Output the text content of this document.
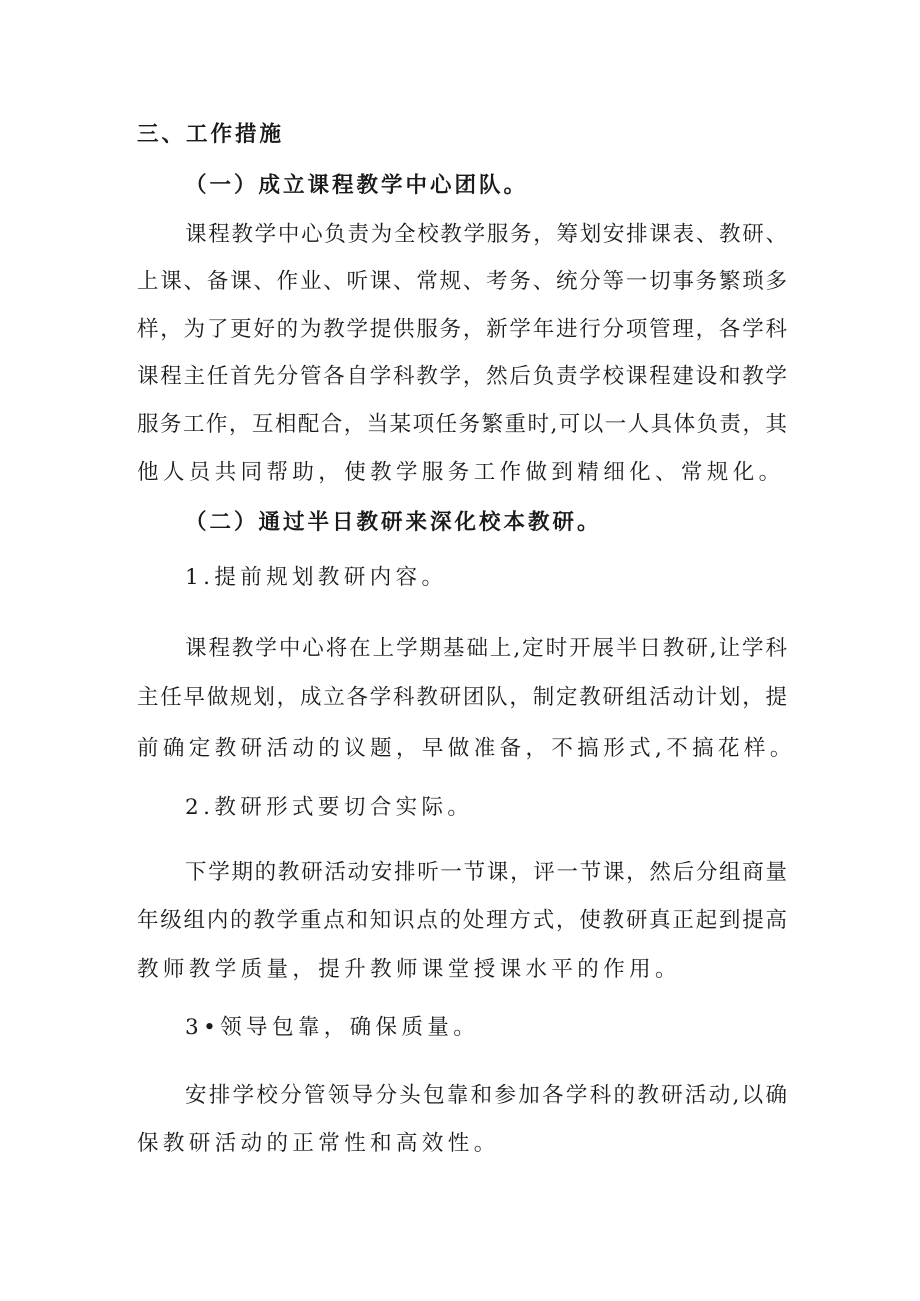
三、工作措施
（一）成立课程教学中心团队。
课程教学中心负责为全校教学服务，筹划安排课表、教研、
上课、备课、作业、听课、常规、考务、统分等一切事务繁琐多
样，为了更好的为教学提供服务，新学年进行分项管理，各学科
课程主任首先分管各自学科教学，然后负责学校课程建设和教学
服务工作，互相配合，当某项任务繁重时,可以一人具体负责，其
他人员共同帮助，使教学服务工作做到精细化、常规化。
（二）通过半日教研来深化校本教研。
1.提前规划教研内容。
课程教学中心将在上学期基础上,定时开展半日教研,让学科
主任早做规划，成立各学科教研团队，制定教研组活动计划，提
前确定教研活动的议题，早做准备，不搞形式,不搞花样。
2.教研形式要切合实际。
下学期的教研活动安排听一节课，评一节课，然后分组商量
年级组内的教学重点和知识点的处理方式，使教研真正起到提高
教师教学质量，提升教师课堂授课水平的作用。
3•领导包靠，确保质量。
安排学校分管领导分头包靠和参加各学科的教研活动,以确
保教研活动的正常性和高效性。
